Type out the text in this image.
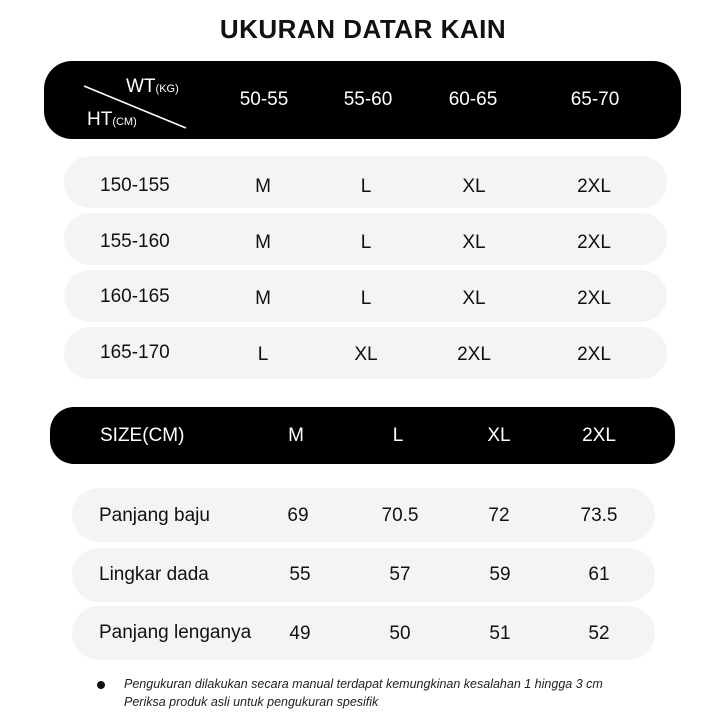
UKURAN DATAR KAIN
WT(KG)
HT(CM)
50-55	55-60	60-65	65-70
150-155	M	L	XL	2XL
155-160	M	L	XL	2XL
160-165	M	L	XL	2XL
165-170	L	XL	2XL	2XL
SIZE(CM)	M	L	XL	2XL
Panjang baju	69	70.5	72	73.5
Lingkar dada	55	57	59	61
Panjang lenganya 49	50	51	52
Pengukuran dilakukan secara manual terdapat kemungkinan kesalahan 1 hingga 3 cm
Periksa produk asli untuk pengukuran spesifik
